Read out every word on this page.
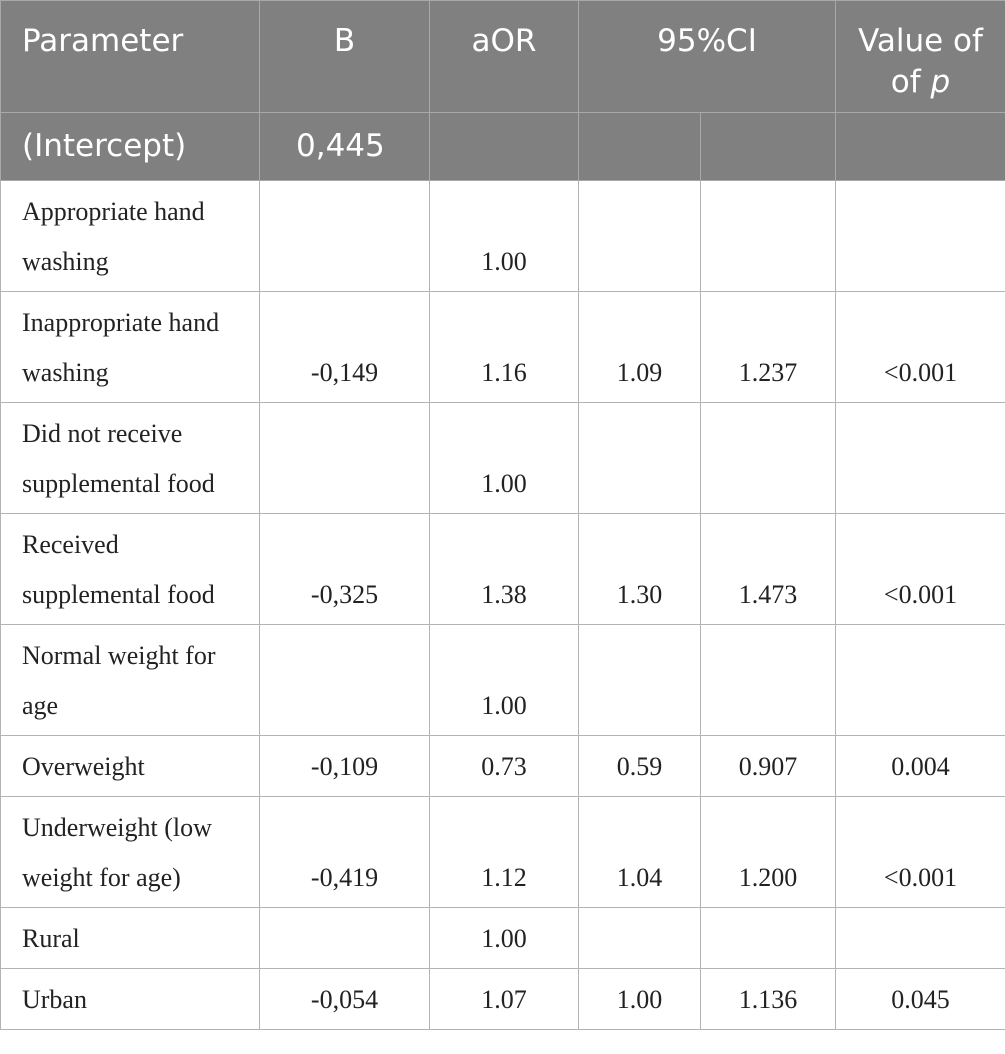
Parameter	B	aOR	95%CI		Value of
of p

(Intercept)	0,445				

Appropriate hand washing		1.00			

Inappropriate hand washing	-0,149	1.16	1.09	1.237	<0.001

Did not receive supplemental food		1.00			

Received supplemental food	-0,325	1.38	1.30	1.473	<0.001

Normal weight for age		1.00			

Overweight	-0,109	0.73	0.59	0.907	0.004

Underweight (low weight for age)	-0,419	1.12	1.04	1.200	<0.001

Rural		1.00			

Urban	-0,054	1.07	1.00	1.136	0.045
